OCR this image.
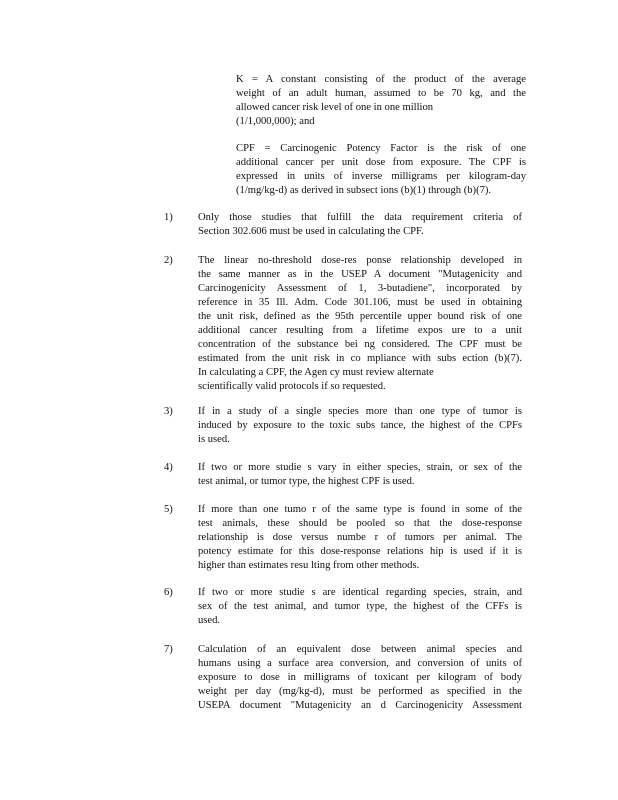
K = A constant consisting of the product of the average
weight of an adult human, assumed to be 70 kg, and the
allowed cancer risk level of one in one million
(1/1,000,000); and
CPF = Carcinogenic Potency Factor is the risk of one
additional cancer per unit dose from exposure. The CPF is
expressed in units of inverse milligrams per kilogram-day
(1/mg/kg-d) as derived in subsect ions (b)(1) through (b)(7).
1) Only those studies that fulfill the data requirement criteria of
Section 302.606 must be used in calculating the CPF.
2) The linear no-threshold dose-res ponse relationship developed in
the same manner as in the USEP A document "Mutagenicity and
Carcinogenicity Assessment of 1, 3-butadiene", incorporated by
reference in 35 Ill. Adm. Code 301.106, must be used in obtaining
the unit risk, defined as the 95th percentile upper bound risk of one
additional cancer resulting from a lifetime expos ure to a unit
concentration of the substance bei ng considered. The CPF must be
estimated from the unit risk in co mpliance with subs ection (b)(7).
In calculating a CPF, the Agen cy must review alternate
scientifically valid protocols if so requested.
3) If in a study of a single species more than one type of tumor is
induced by exposure to the toxic subs tance, the highest of the CPFs
is used.
4) If two or more studie s vary in either species, strain, or sex of the
test animal, or tumor type, the highest CPF is used.
5) If more than one tumo r of the same type is found in some of the
test animals, these should be pooled so that the dose-response
relationship is dose versus numbe r of tumors per animal. The
potency estimate for this dose-response relations hip is used if it is
higher than estimates resu lting from other methods.
6) If two or more studie s are identical regarding species, strain, and
sex of the test animal, and tumor type, the highest of the CFFs is
used.
7) Calculation of an equivalent dose between animal species and
humans using a surface area conversion, and conversion of units of
exposure to dose in milligrams of toxicant per kilogram of body
weight per day (mg/kg-d), must be performed as specified in the
USEPA document "Mutagenicity an d Carcinogenicity Assessment
